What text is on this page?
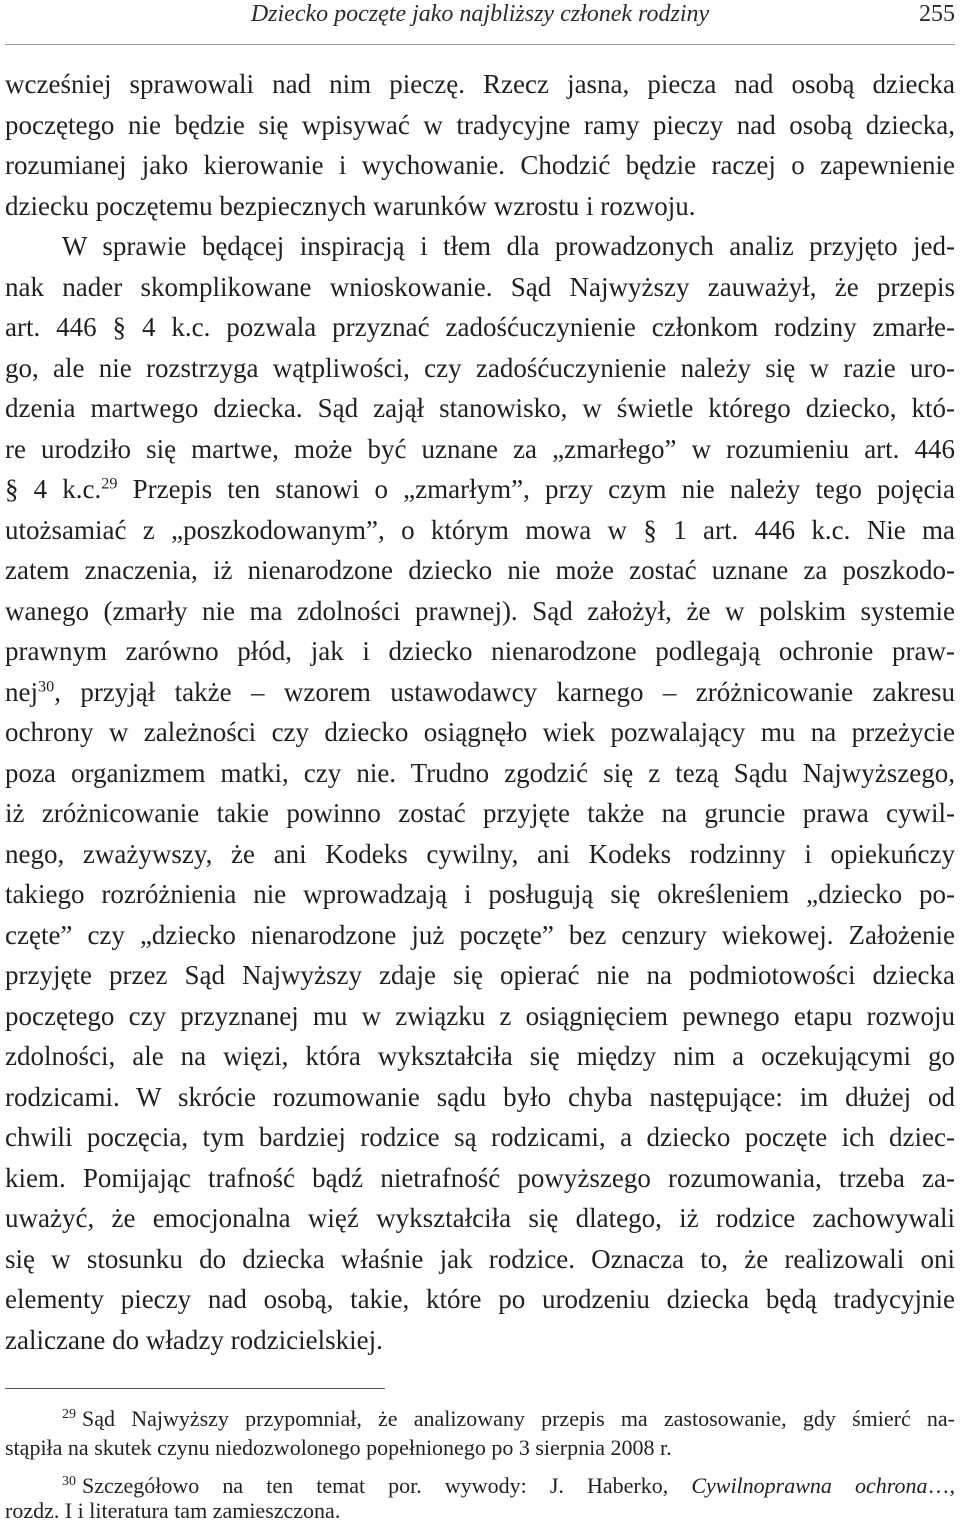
Dziecko poczęte jako najbliższy członek rodziny	255
wcześniej sprawowali nad nim pieczę. Rzecz jasna, piecza nad osobą dziecka
poczętego nie będzie się wpisywać w tradycyjne ramy pieczy nad osobą dziecka,
rozumianej jako kierowanie i wychowanie. Chodzić będzie raczej o zapewnienie
dziecku poczętemu bezpiecznych warunków wzrostu i rozwoju.
W sprawie będącej inspiracją i tłem dla prowadzonych analiz przyjęto jed-
nak nader skomplikowane wnioskowanie. Sąd Najwyższy zauważył, że przepis
art. 446 § 4 k.c. pozwala przyznać zadośćuczynienie członkom rodziny zmarłe-
go, ale nie rozstrzyga wątpliwości, czy zadośćuczynienie należy się w razie uro-
dzenia martwego dziecka. Sąd zajął stanowisko, w świetle którego dziecko, któ-
re urodziło się martwe, może być uznane za „zmarłego” w rozumieniu art. 446
§ 4 k.c.$^{29}$ Przepis ten stanowi o „zmarłym”, przy czym nie należy tego pojęcia
utożsamiać z „poszkodowanym”, o którym mowa w § 1 art. 446 k.c. Nie ma
zatem znaczenia, iż nienarodzone dziecko nie może zostać uznane za poszkodo-
wanego (zmarły nie ma zdolności prawnej). Sąd założył, że w polskim systemie
prawnym zarówno płód, jak i dziecko nienarodzone podlegają ochronie praw-
nej$^{30}$, przyjął także – wzorem ustawodawcy karnego – zróżnicowanie zakresu
ochrony w zależności czy dziecko osiągnęło wiek pozwalający mu na przeżycie
poza organizmem matki, czy nie. Trudno zgodzić się z tezą Sądu Najwyższego,
iż zróżnicowanie takie powinno zostać przyjęte także na gruncie prawa cywil-
nego, zważywszy, że ani Kodeks cywilny, ani Kodeks rodzinny i opiekuńczy
takiego rozróżnienia nie wprowadzają i posługują się określeniem „dziecko po-
częte” czy „dziecko nienarodzone już poczęte” bez cenzury wiekowej. Założenie
przyjęte przez Sąd Najwyższy zdaje się opierać nie na podmiotowości dziecka
poczętego czy przyznanej mu w związku z osiągnięciem pewnego etapu rozwoju
zdolności, ale na więzi, która wykształciła się między nim a oczekującymi go
rodzicami. W skrócie rozumowanie sądu było chyba następujące: im dłużej od
chwili poczęcia, tym bardziej rodzice są rodzicami, a dziecko poczęte ich dziec-
kiem. Pomijając trafność bądź nietrafność powyższego rozumowania, trzeba za-
uważyć, że emocjonalna więź wykształciła się dlatego, iż rodzice zachowywali
się w stosunku do dziecka właśnie jak rodzice. Oznacza to, że realizowali oni
elementy pieczy nad osobą, takie, które po urodzeniu dziecka będą tradycyjnie
zaliczane do władzy rodzicielskiej.
$^{29}$ Sąd Najwyższy przypomniał, że analizowany przepis ma zastosowanie, gdy śmierć na-
stąpiła na skutek czynu niedozwolonego popełnionego po 3 sierpnia 2008 r.
$^{30}$ Szczegółowo na ten temat por. wywody: J. Haberko, Cywilnoprawna ochrona…,
rozdz. I i literatura tam zamieszczona.
